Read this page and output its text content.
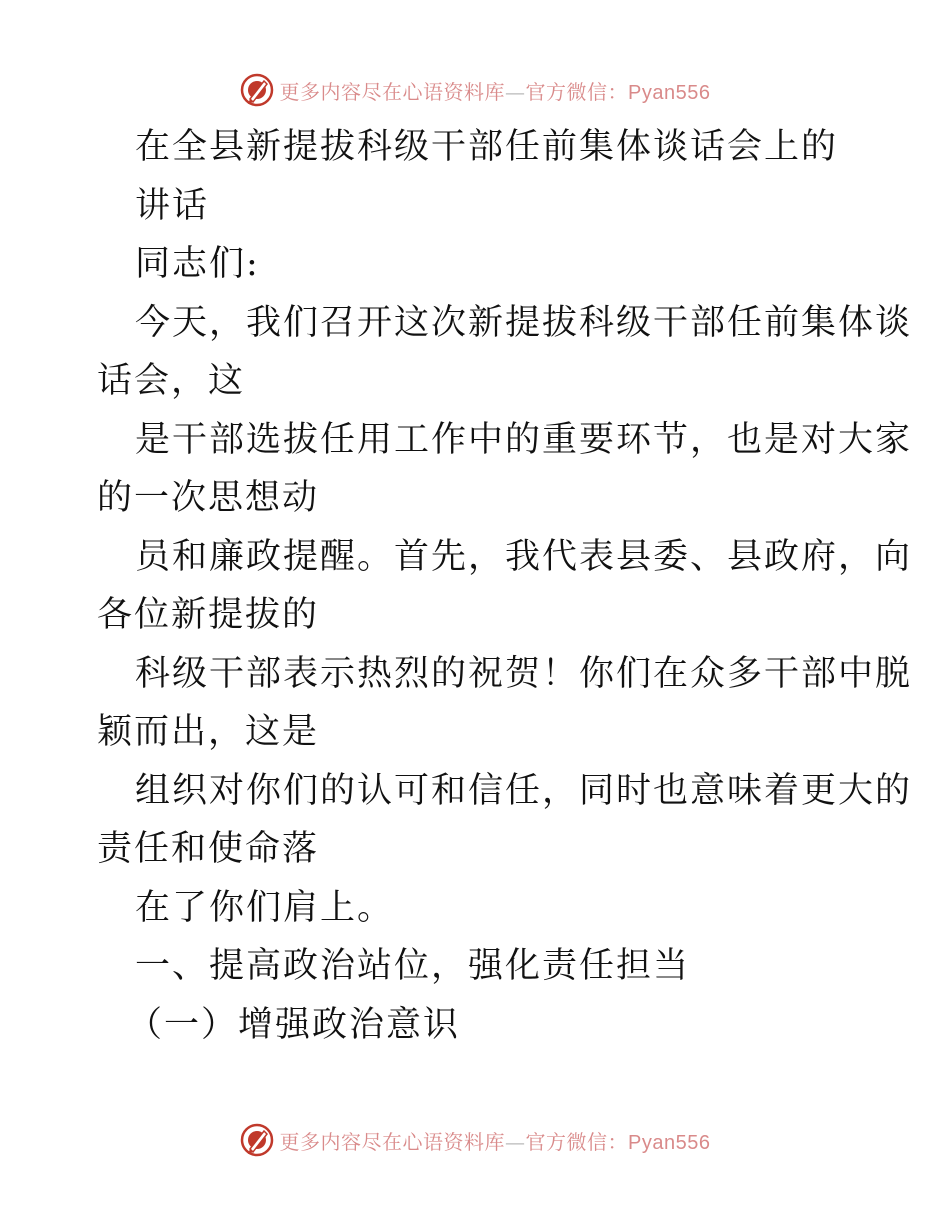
更多内容尽在心语资料库—官方微信：Pyan556
在全县新提拔科级干部任前集体谈话会上的
讲话
同志们:
今天，我们召开这次新提拔科级干部任前集体谈
话会，这
是干部选拔任用工作中的重要环节，也是对大家
的一次思想动
员和廉政提醒。首先，我代表县委、县政府，向
各位新提拔的
科级干部表示热烈的祝贺！你们在众多干部中脱
颖而出，这是
组织对你们的认可和信任，同时也意味着更大的
责任和使命落
在了你们肩上。
一、提高政治站位，强化责任担当
（一）增强政治意识
更多内容尽在心语资料库—官方微信：Pyan556
